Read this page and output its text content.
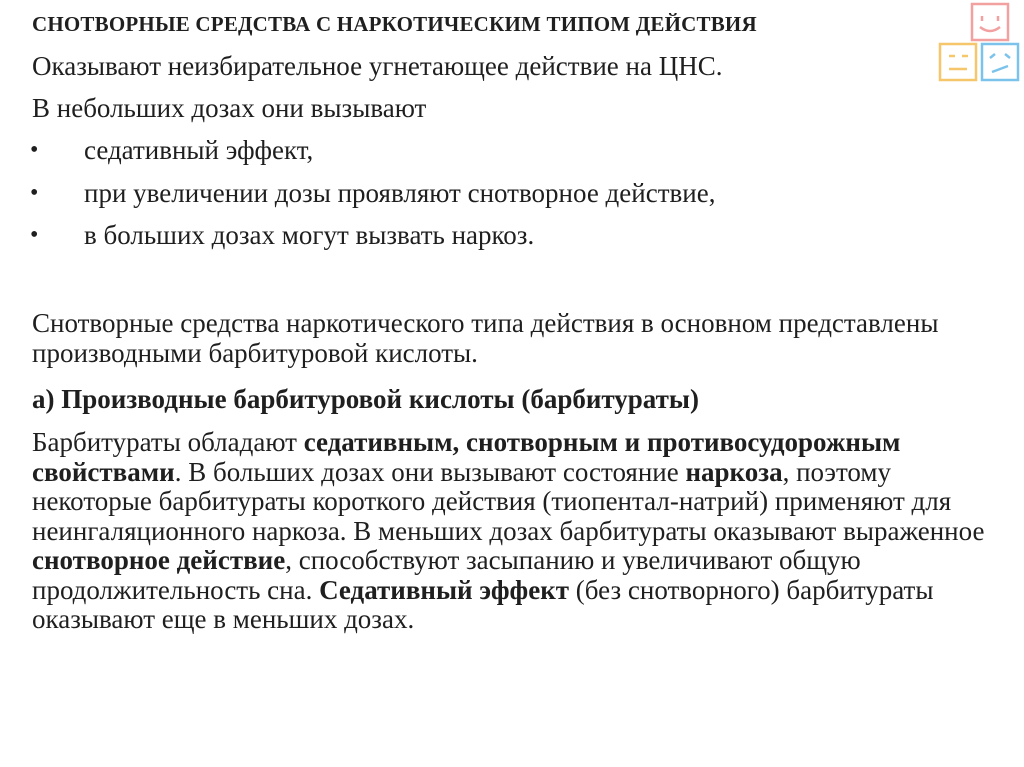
СНОТВОРНЫЕ СРЕДСТВА С НАРКОТИЧЕСКИМ ТИПОМ ДЕЙСТВИЯ
Оказывают неизбирательное угнетающее действие на ЦНС.
В небольших дозах они вызывают
• седативный эффект,
• при увеличении дозы проявляют снотворное действие,
• в больших дозах могут вызвать наркоз.
Снотворные средства наркотического типа действия в основном представлены производными барбитуровой кислоты.
а) Производные барбитуровой кислоты (барбитураты)
Барбитураты обладают седативным, снотворным и противосудорожным свойствами. В больших дозах они вызывают состояние наркоза, поэтому некоторые барбитураты короткого действия (тиопентал-натрий) применяют для неингаляционного наркоза. В меньших дозах барбитураты оказывают выраженное снотворное действие, способствуют засыпанию и увеличивают общую продолжительность сна. Седативный эффект (без снотворного) барбитураты оказывают еще в меньших дозах.
